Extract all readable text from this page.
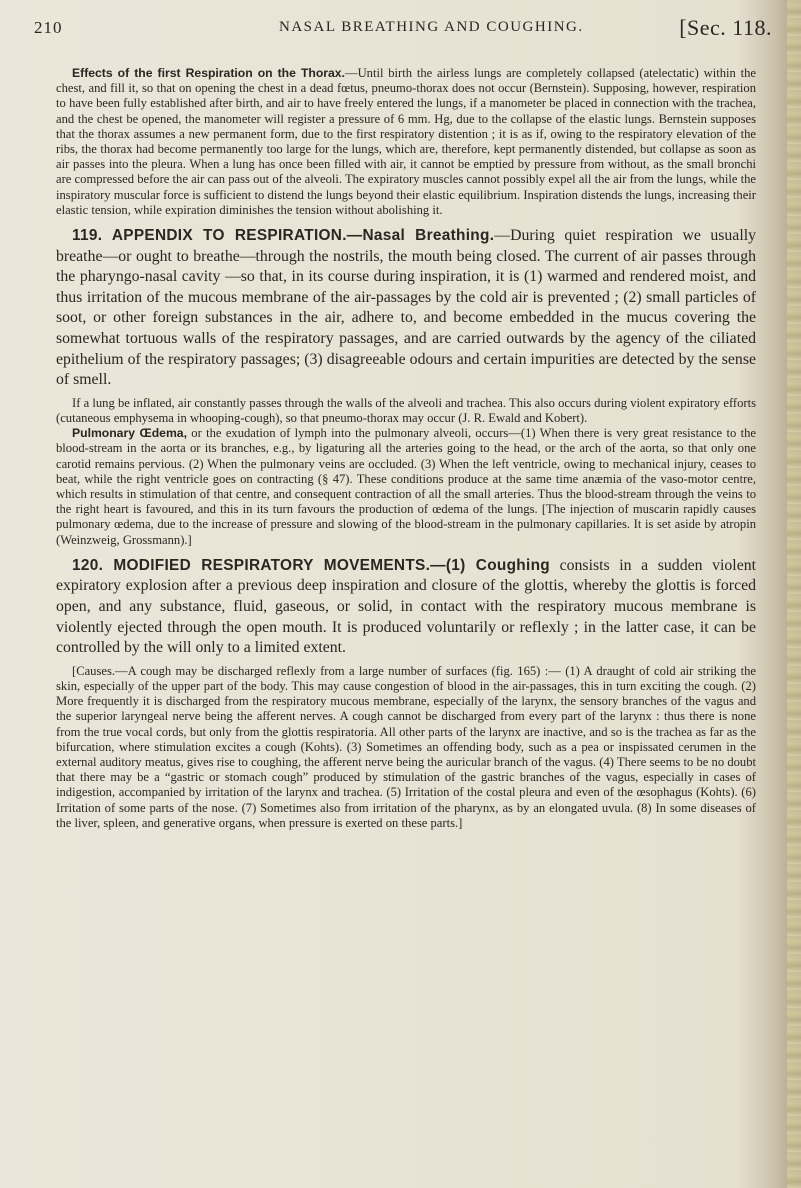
210	NASAL BREATHING AND COUGHING.	[Sec. 118.

Effects of the first Respiration on the Thorax.—Until birth the airless lungs are completely collapsed (atelectatic) within the chest, and fill it, so that on opening the chest in a dead fœtus, pneumo-thorax does not occur (Bernstein). Supposing, however, respiration to have been fully established after birth, and air to have freely entered the lungs, if a manometer be placed in connection with the trachea, and the chest be opened, the manometer will register a pressure of 6 mm. Hg, due to the collapse of the elastic lungs. Bernstein supposes that the thorax assumes a new permanent form, due to the first respiratory distention ; it is as if, owing to the respiratory elevation of the ribs, the thorax had become permanently too large for the lungs, which are, therefore, kept permanently distended, but collapse as soon as air passes into the pleura. When a lung has once been filled with air, it cannot be emptied by pressure from without, as the small bronchi are compressed before the air can pass out of the alveoli. The expiratory muscles cannot possibly expel all the air from the lungs, while the inspiratory muscular force is sufficient to distend the lungs beyond their elastic equilibrium. Inspiration distends the lungs, increasing their elastic tension, while expiration diminishes the tension without abolishing it.

119. APPENDIX TO RESPIRATION.—Nasal Breathing.—During quiet respiration we usually breathe—or ought to breathe—through the nostrils, the mouth being closed. The current of air passes through the pharyngo-nasal cavity —so that, in its course during inspiration, it is (1) warmed and rendered moist, and thus irritation of the mucous membrane of the air-passages by the cold air is prevented ; (2) small particles of soot, or other foreign substances in the air, adhere to, and become embedded in the mucus covering the somewhat tortuous walls of the respiratory passages, and are carried outwards by the agency of the ciliated epithelium of the respiratory passages; (3) disagreeable odours and certain impurities are detected by the sense of smell.

If a lung be inflated, air constantly passes through the walls of the alveoli and trachea. This also occurs during violent expiratory efforts (cutaneous emphysema in whooping-cough), so that pneumo-thorax may occur (J. R. Ewald and Kobert).

Pulmonary Œdema, or the exudation of lymph into the pulmonary alveoli, occurs—(1) When there is very great resistance to the blood-stream in the aorta or its branches, e.g., by ligaturing all the arteries going to the head, or the arch of the aorta, so that only one carotid remains pervious. (2) When the pulmonary veins are occluded. (3) When the left ventricle, owing to mechanical injury, ceases to beat, while the right ventricle goes on contracting (§ 47). These conditions produce at the same time anæmia of the vaso-motor centre, which results in stimulation of that centre, and consequent contraction of all the small arteries. Thus the blood-stream through the veins to the right heart is favoured, and this in its turn favours the production of œdema of the lungs. [The injection of muscarin rapidly causes pulmonary œdema, due to the increase of pressure and slowing of the blood-stream in the pulmonary capillaries. It is set aside by atropin (Weinzweig, Grossmann).]

120. MODIFIED RESPIRATORY MOVEMENTS.—(1) Coughing consists in a sudden violent expiratory explosion after a previous deep inspiration and closure of the glottis, whereby the glottis is forced open, and any substance, fluid, gaseous, or solid, in contact with the respiratory mucous membrane is violently ejected through the open mouth. It is produced voluntarily or reflexly ; in the latter case, it can be controlled by the will only to a limited extent.

[Causes.—A cough may be discharged reflexly from a large number of surfaces (fig. 165) :— (1) A draught of cold air striking the skin, especially of the upper part of the body. This may cause congestion of blood in the air-passages, this in turn exciting the cough. (2) More frequently it is discharged from the respiratory mucous membrane, especially of the larynx, the sensory branches of the vagus and the superior laryngeal nerve being the afferent nerves. A cough cannot be discharged from every part of the larynx : thus there is none from the true vocal cords, but only from the glottis respiratoria. All other parts of the larynx are inactive, and so is the trachea as far as the bifurcation, where stimulation excites a cough (Kohts). (3) Sometimes an offending body, such as a pea or inspissated cerumen in the external auditory meatus, gives rise to coughing, the afferent nerve being the auricular branch of the vagus. (4) There seems to be no doubt that there may be a “gastric or stomach cough” produced by stimulation of the gastric branches of the vagus, especially in cases of indigestion, accompanied by irritation of the larynx and trachea. (5) Irritation of the costal pleura and even of the œsophagus (Kohts). (6) Irritation of some parts of the nose. (7) Sometimes also from irritation of the pharynx, as by an elongated uvula. (8) In some diseases of the liver, spleen, and generative organs, when pressure is exerted on these parts.]
